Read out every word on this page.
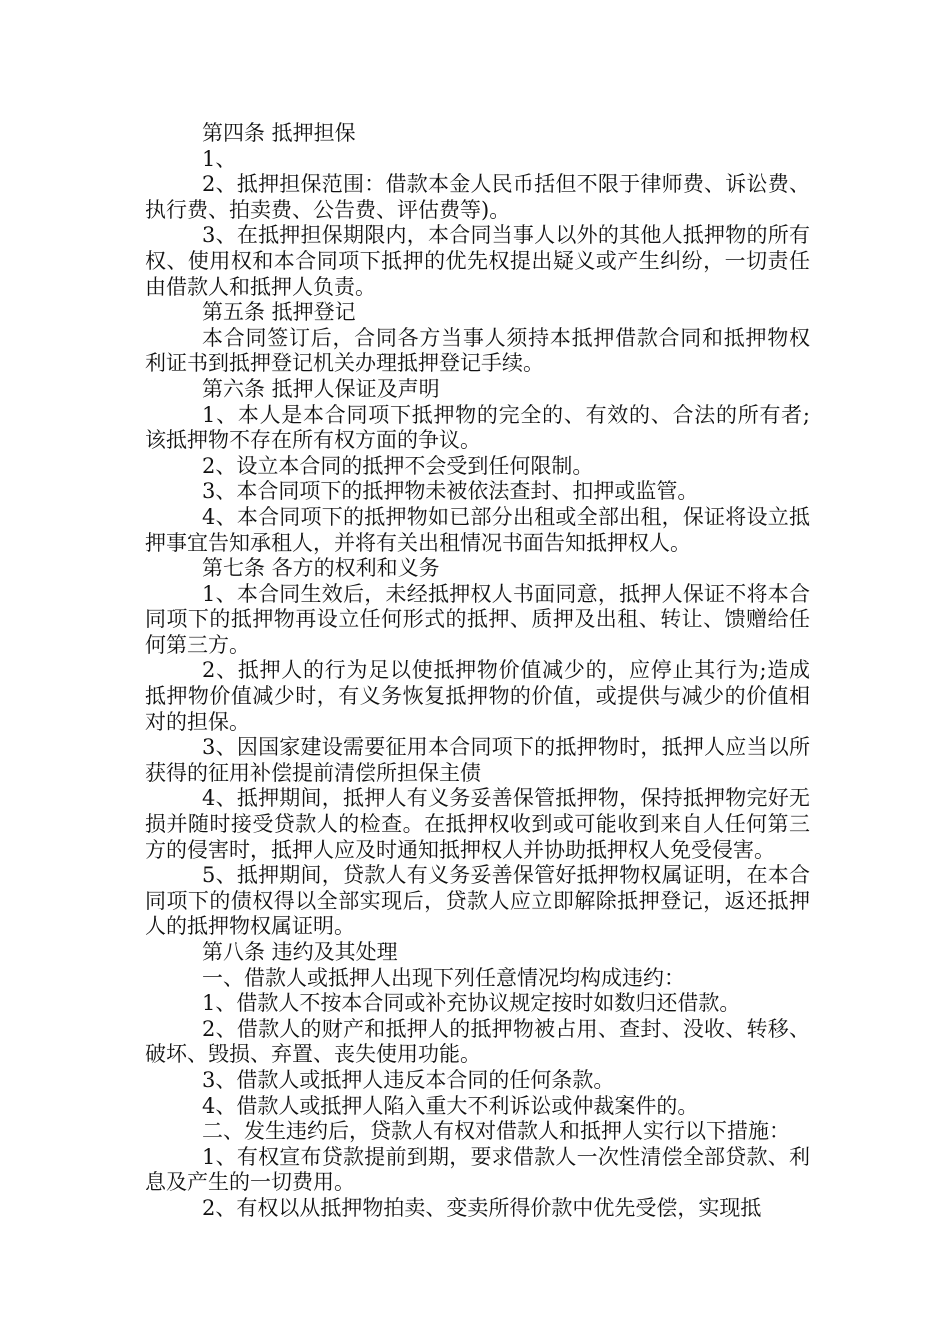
第四条 抵押担保

1、

2、抵押担保范围：借款本金人民币括但不限于律师费、诉讼费、执行费、拍卖费、公告费、评估费等)。

3、在抵押担保期限内，本合同当事人以外的其他人抵押物的所有权、使用权和本合同项下抵押的优先权提出疑义或产生纠纷，一切责任由借款人和抵押人负责。

第五条 抵押登记

本合同签订后，合同各方当事人须持本抵押借款合同和抵押物权利证书到抵押登记机关办理抵押登记手续。

第六条 抵押人保证及声明

1、本人是本合同项下抵押物的完全的、有效的、合法的所有者;该抵押物不存在所有权方面的争议。

2、设立本合同的抵押不会受到任何限制。

3、本合同项下的抵押物未被依法查封、扣押或监管。

4、本合同项下的抵押物如已部分出租或全部出租，保证将设立抵押事宜告知承租人，并将有关出租情况书面告知抵押权人。

第七条 各方的权利和义务

1、本合同生效后，未经抵押权人书面同意，抵押人保证不将本合同项下的抵押物再设立任何形式的抵押、质押及出租、转让、馈赠给任何第三方。

2、抵押人的行为足以使抵押物价值减少的，应停止其行为;造成抵押物价值减少时，有义务恢复抵押物的价值，或提供与减少的价值相对的担保。

3、因国家建设需要征用本合同项下的抵押物时，抵押人应当以所获得的征用补偿提前清偿所担保主债

4、抵押期间，抵押人有义务妥善保管抵押物，保持抵押物完好无损并随时接受贷款人的检查。在抵押权收到或可能收到来自人任何第三方的侵害时，抵押人应及时通知抵押权人并协助抵押权人免受侵害。

5、抵押期间，贷款人有义务妥善保管好抵押物权属证明，在本合同项下的债权得以全部实现后，贷款人应立即解除抵押登记，返还抵押人的抵押物权属证明。

第八条 违约及其处理

一、借款人或抵押人出现下列任意情况均构成违约：

1、借款人不按本合同或补充协议规定按时如数归还借款。

2、借款人的财产和抵押人的抵押物被占用、查封、没收、转移、破坏、毁损、弃置、丧失使用功能。

3、借款人或抵押人违反本合同的任何条款。

4、借款人或抵押人陷入重大不利诉讼或仲裁案件的。

二、发生违约后，贷款人有权对借款人和抵押人实行以下措施：

1、有权宣布贷款提前到期，要求借款人一次性清偿全部贷款、利息及产生的一切费用。

2、有权以从抵押物拍卖、变卖所得价款中优先受偿，实现抵
